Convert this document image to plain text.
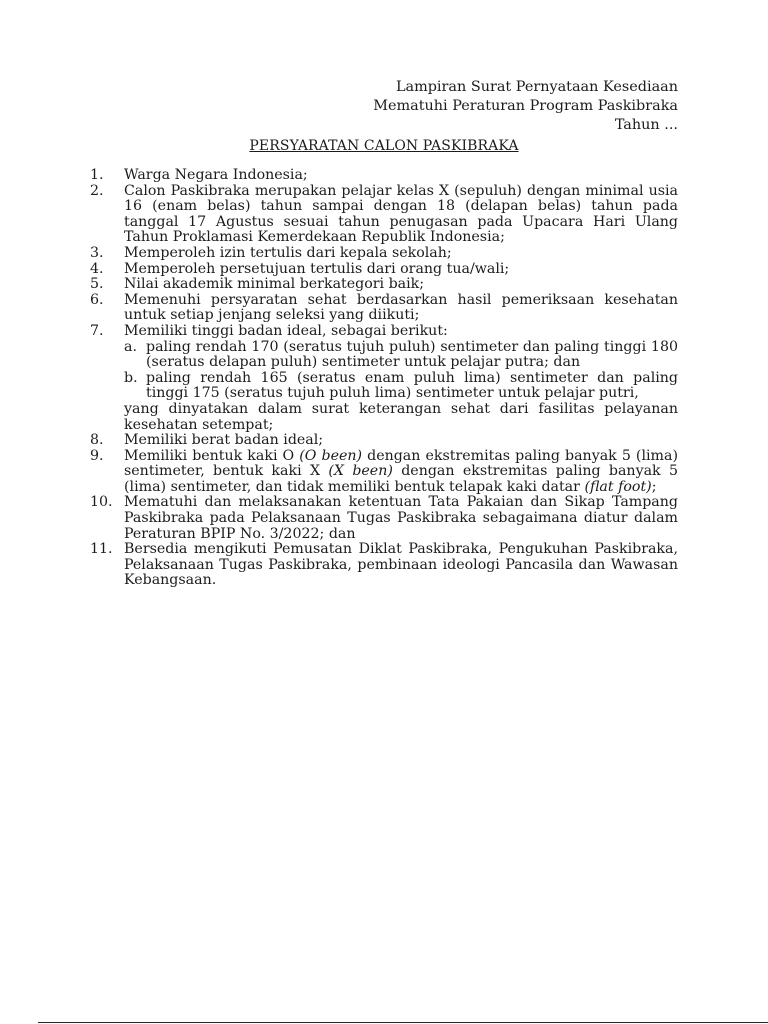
Lampiran Surat Pernyataan Kesediaan
Mematuhi Peraturan Program Paskibraka
Tahun ...
PERSYARATAN CALON PASKIBRAKA
1.	Warga Negara Indonesia;
2.	Calon Paskibraka merupakan pelajar kelas X (sepuluh) dengan minimal usia 16 (enam belas) tahun sampai dengan 18 (delapan belas) tahun pada tanggal 17 Agustus sesuai tahun penugasan pada Upacara Hari Ulang Tahun Proklamasi Kemerdekaan Republik Indonesia;
3.	Memperoleh izin tertulis dari kepala sekolah;
4.	Memperoleh persetujuan tertulis dari orang tua/wali;
5.	Nilai akademik minimal berkategori baik;
6.	Memenuhi persyaratan sehat berdasarkan hasil pemeriksaan kesehatan untuk setiap jenjang seleksi yang diikuti;
7.	Memiliki tinggi badan ideal, sebagai berikut:
a. paling rendah 170 (seratus tujuh puluh) sentimeter dan paling tinggi 180 (seratus delapan puluh) sentimeter untuk pelajar putra; dan
b. paling rendah 165 (seratus enam puluh lima) sentimeter dan paling tinggi 175 (seratus tujuh puluh lima) sentimeter untuk pelajar putri,
yang dinyatakan dalam surat keterangan sehat dari fasilitas pelayanan kesehatan setempat;
8.	Memiliki berat badan ideal;
9.	Memiliki bentuk kaki O (O been) dengan ekstremitas paling banyak 5 (lima) sentimeter, bentuk kaki X (X been) dengan ekstremitas paling banyak 5 (lima) sentimeter, dan tidak memiliki bentuk telapak kaki datar (flat foot);
10. Mematuhi dan melaksanakan ketentuan Tata Pakaian dan Sikap Tampang Paskibraka pada Pelaksanaan Tugas Paskibraka sebagaimana diatur dalam Peraturan BPIP No. 3/2022; dan
11. Bersedia mengikuti Pemusatan Diklat Paskibraka, Pengukuhan Paskibraka, Pelaksanaan Tugas Paskibraka, pembinaan ideologi Pancasila dan Wawasan Kebangsaan.
